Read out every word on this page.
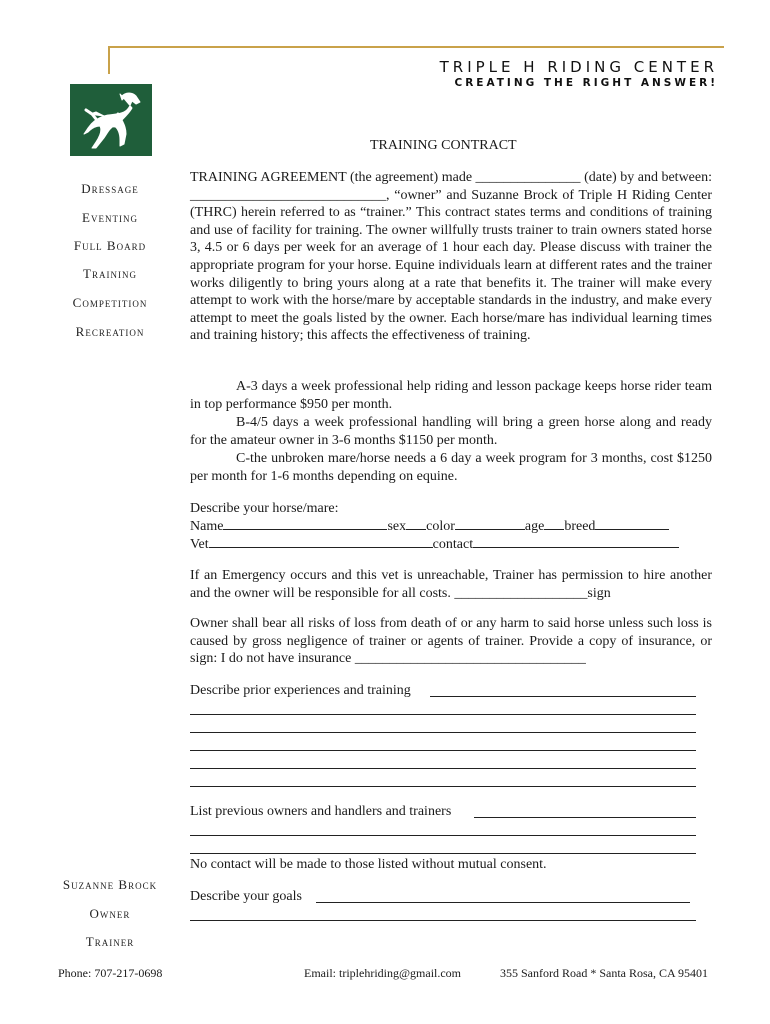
TRIPLE H RIDING CENTER
CREATING THE RIGHT ANSWER!
Dressage
Eventing
Full Board
Training
Competition
Recreation
Suzanne Brock
Owner
Trainer
TRAINING CONTRACT
TRAINING AGREEMENT (the agreement) made _______________ (date) by and between: ____________________________, “owner” and Suzanne Brock of Triple H Riding Center (THRC) herein referred to as “trainer.” This contract states terms and conditions of training and use of facility for training. The owner willfully trusts trainer to train owners stated horse 3, 4.5 or 6 days per week for an average of 1 hour each day. Please discuss with trainer the appropriate program for your horse. Equine individuals learn at different rates and the trainer works diligently to bring yours along at a rate that benefits it. The trainer will make every attempt to work with the horse/mare by acceptable standards in the industry, and make every attempt to meet the goals listed by the owner. Each horse/mare has individual learning times and training history; this affects the effectiveness of training.
A-3 days a week professional help riding and lesson package keeps horse rider team in top performance $950 per month.
B-4/5 days a week professional handling will bring a green horse along and ready for the amateur owner in 3-6 months $1150 per month.
C-the unbroken mare/horse needs a 6 day a week program for 3 months, cost $1250 per month for 1-6 months depending on equine.
Describe your horse/mare:
Name	sex color	age breed
Vet	contact
If an Emergency occurs and this vet is unreachable, Trainer has permission to hire another and the owner will be responsible for all costs. ___________________sign
Owner shall bear all risks of loss from death of or any harm to said horse unless such loss is caused by gross negligence of trainer or agents of trainer. Provide a copy of insurance, or sign: I do not have insurance _________________________________
Describe prior experiences and training
List previous owners and handlers and trainers
No contact will be made to those listed without mutual consent.
Describe your goals
Phone: 707-217-0698	Email: triplehriding@gmail.com	355 Sanford Road * Santa Rosa, CA 95401
